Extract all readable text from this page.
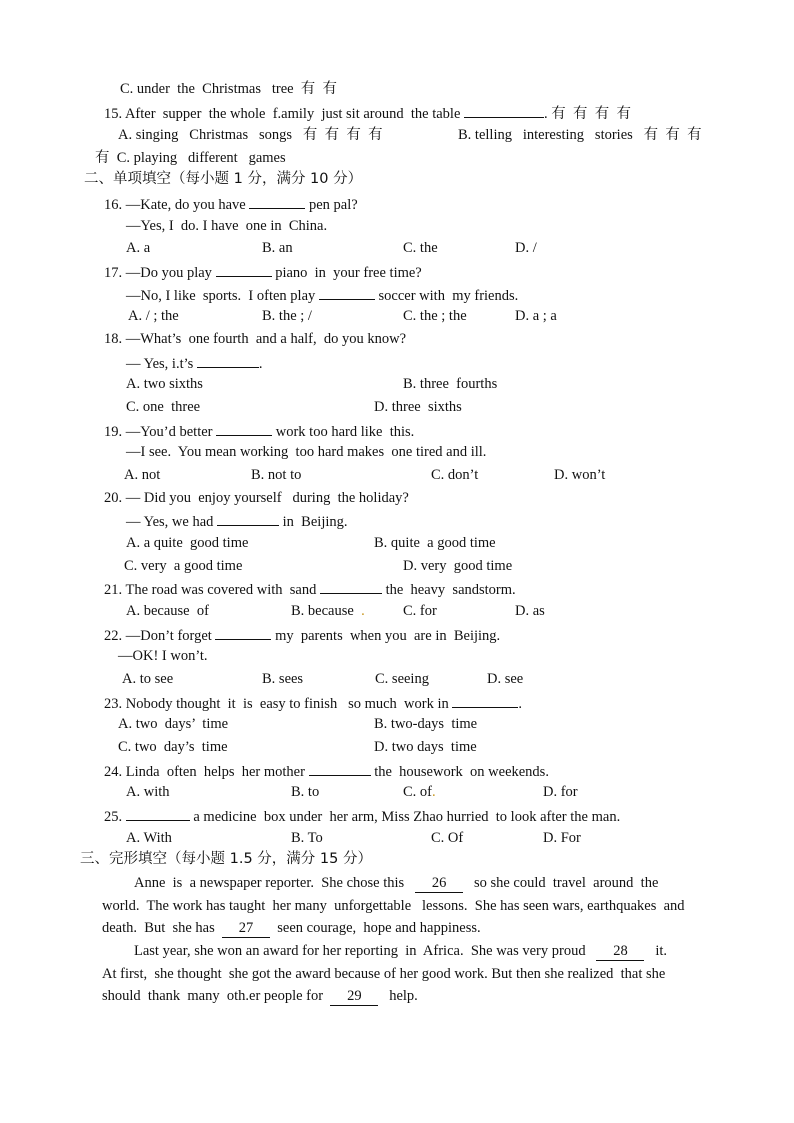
C. under  the  Christmas   tree  有  有
15. After  supper  the whole  f.amily  just sit around  the table	. 有  有  有  有
A. singing   Christmas   songs   有  有  有  有	B. telling   interesting   stories   有  有  有
有  C. playing   different   games
二、单项填空（每小题 1 分，满分 10 分）
16. —Kate, do you have	pen pal?
—Yes, I  do. I have  one in  China.
A. a	B. an	C. the	D. /
17. —Do you play	piano  in  your free time?
—No, I like  sports.  I often play	soccer with  my friends.
A. / ; the	B. the ; /	C. the ; the	D. a ; a
18. —What’s  one fourth  and a half,  do you know?
— Yes, i.t’s	.
A. two sixths	B. three  fourths
C. one  three	D. three  sixths
19. —You’d better	work too hard like  this.
—I see.  You mean working  too hard makes  one tired and ill.
A. not	B. not to	C. don’t	D. won’t
20. — Did you  enjoy yourself   during  the holiday?
— Yes, we had	in  Beijing.
A. a quite  good time	B. quite  a good time
C. very  a good time	D. very  good time
21. The road was covered with  sand	the  heavy  sandstorm.
A. because  of	B. because .	C. for	D. as
22. —Don’t forget	my  parents  when you  are in  Beijing.
—OK! I won’t.
A. to see	B. sees	C. seeing	D. see
23. Nobody thought  it  is  easy to finish   so much  work in	.
A. two  days’  time	B. two-days  time
C. two  day’s  time	D. two days  time
24. Linda  often  helps  her mother	the  housework  on weekends.
A. with	B. to	C. of.	D. for
25.	a medicine  box under  her arm, Miss Zhao hurried  to look after the man.
A. With	B. To	C. Of	D. For
三、完形填空（每小题 1.5 分，满分 15 分）
Anne  is  a newspaper reporter.  She chose this 26 so she could  travel  around  the
world.  The work has taught  her many  unforgettable   lessons.  She has seen wars, earthquakes  and
death.  But  she has 27 seen courage,  hope and happiness.
Last year, she won an award for her reporting  in  Africa.  She was very proud 28 it.
At first,  she thought  she got the award because of her good work. But then she realized  that she
should  thank  many  oth.er people for 29 help.
